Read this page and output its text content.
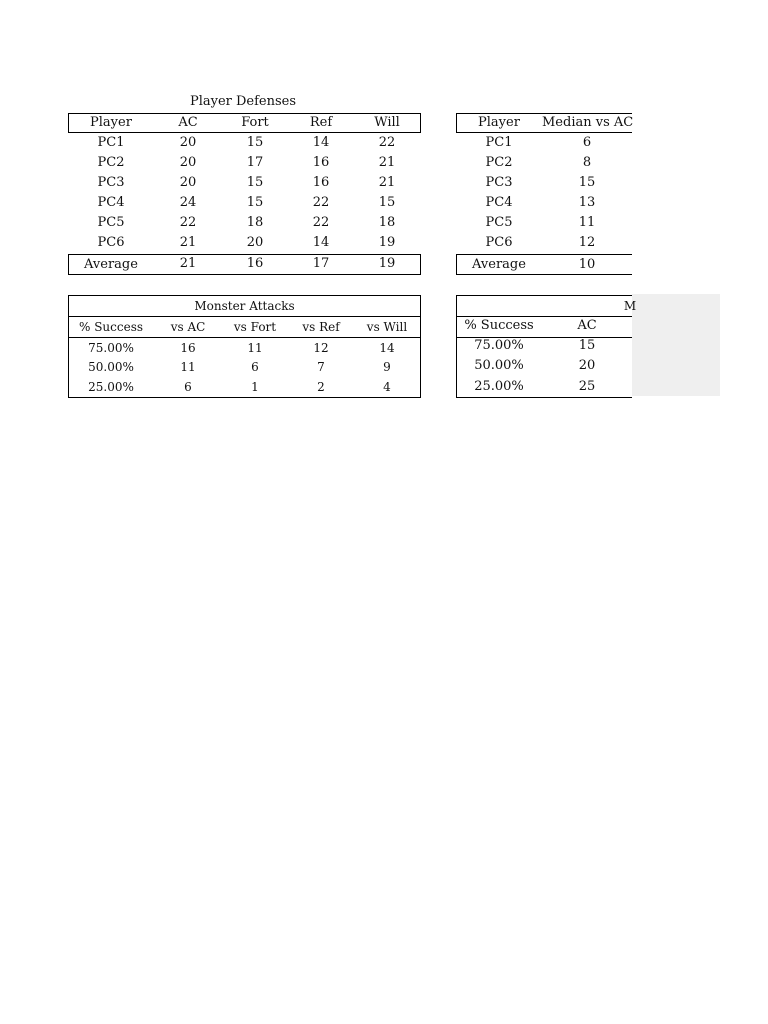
Player Defenses
Player	AC	Fort	Ref	Will
PC1	20	15	14	22
PC2	20	17	16	21
PC3	20	15	16	21
PC4	24	15	22	15
PC5	22	18	22	18
PC6	21	20	14	19
Average	21	16	17	19
Player	Median vs AC
PC1	6
PC2	8
PC3	15
PC4	13
PC5	11
PC6	12
Average	10
Monster Attacks
% Success	vs AC	vs Fort	vs Ref	vs Will
75.00%	16	11	12	14
50.00%	11	6	7	9
25.00%	6	1	2	4
M
% Success	AC
75.00%	15
50.00%	20
25.00%	25
